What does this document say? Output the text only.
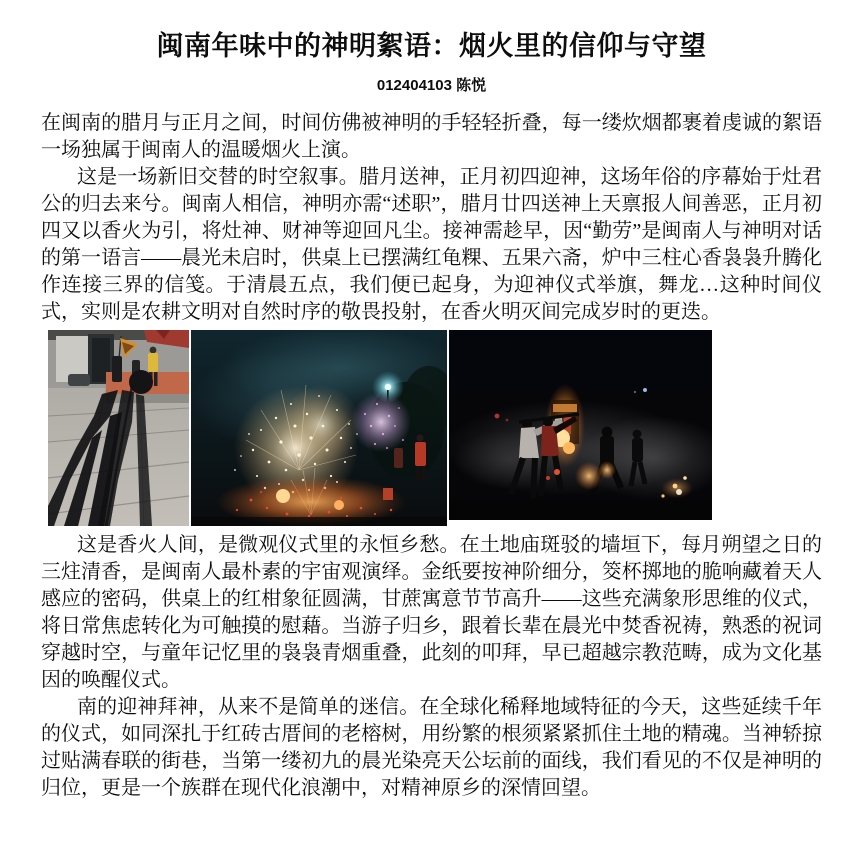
闽南年味中的神明絮语：烟火里的信仰与守望
012404103 陈悦

在闽南的腊月与正月之间，时间仿佛被神明的手轻轻折叠，每一缕炊烟都裹着虔诚的絮语一场独属于闽南人的温暖烟火上演。

这是一场新旧交替的时空叙事。腊月送神，正月初四迎神，这场年俗的序幕始于灶君公的归去来兮。闽南人相信，神明亦需“述职”，腊月廿四送神上天禀报人间善恶，正月初四又以香火为引，将灶神、财神等迎回凡尘。接神需趁早，因“勤劳”是闽南人与神明对话的第一语言——晨光未启时，供桌上已摆满红龟粿、五果六斋，炉中三柱心香袅袅升腾化作连接三界的信笺。于清晨五点，我们便已起身，为迎神仪式举旗，舞龙…这种时间仪式，实则是农耕文明对自然时序的敬畏投射，在香火明灭间完成岁时的更迭。

这是香火人间，是微观仪式里的永恒乡愁。在土地庙斑驳的墙垣下，每月朔望之日的三炷清香，是闽南人最朴素的宇宙观演绎。金纸要按神阶细分，筊杯掷地的脆响藏着天人感应的密码，供桌上的红柑象征圆满，甘蔗寓意节节高升——这些充满象形思维的仪式，将日常焦虑转化为可触摸的慰藉。当游子归乡，跟着长辈在晨光中焚香祝祷，熟悉的祝词穿越时空，与童年记忆里的袅袅青烟重叠，此刻的叩拜，早已超越宗教范畴，成为文化基因的唤醒仪式。

南的迎神拜神，从来不是简单的迷信。在全球化稀释地域特征的今天，这些延续千年的仪式，如同深扎于红砖古厝间的老榕树，用纷繁的根须紧紧抓住土地的精魂。当神轿掠过贴满春联的街巷，当第一缕初九的晨光染亮天公坛前的面线，我们看见的不仅是神明的归位，更是一个族群在现代化浪潮中，对精神原乡的深情回望。
